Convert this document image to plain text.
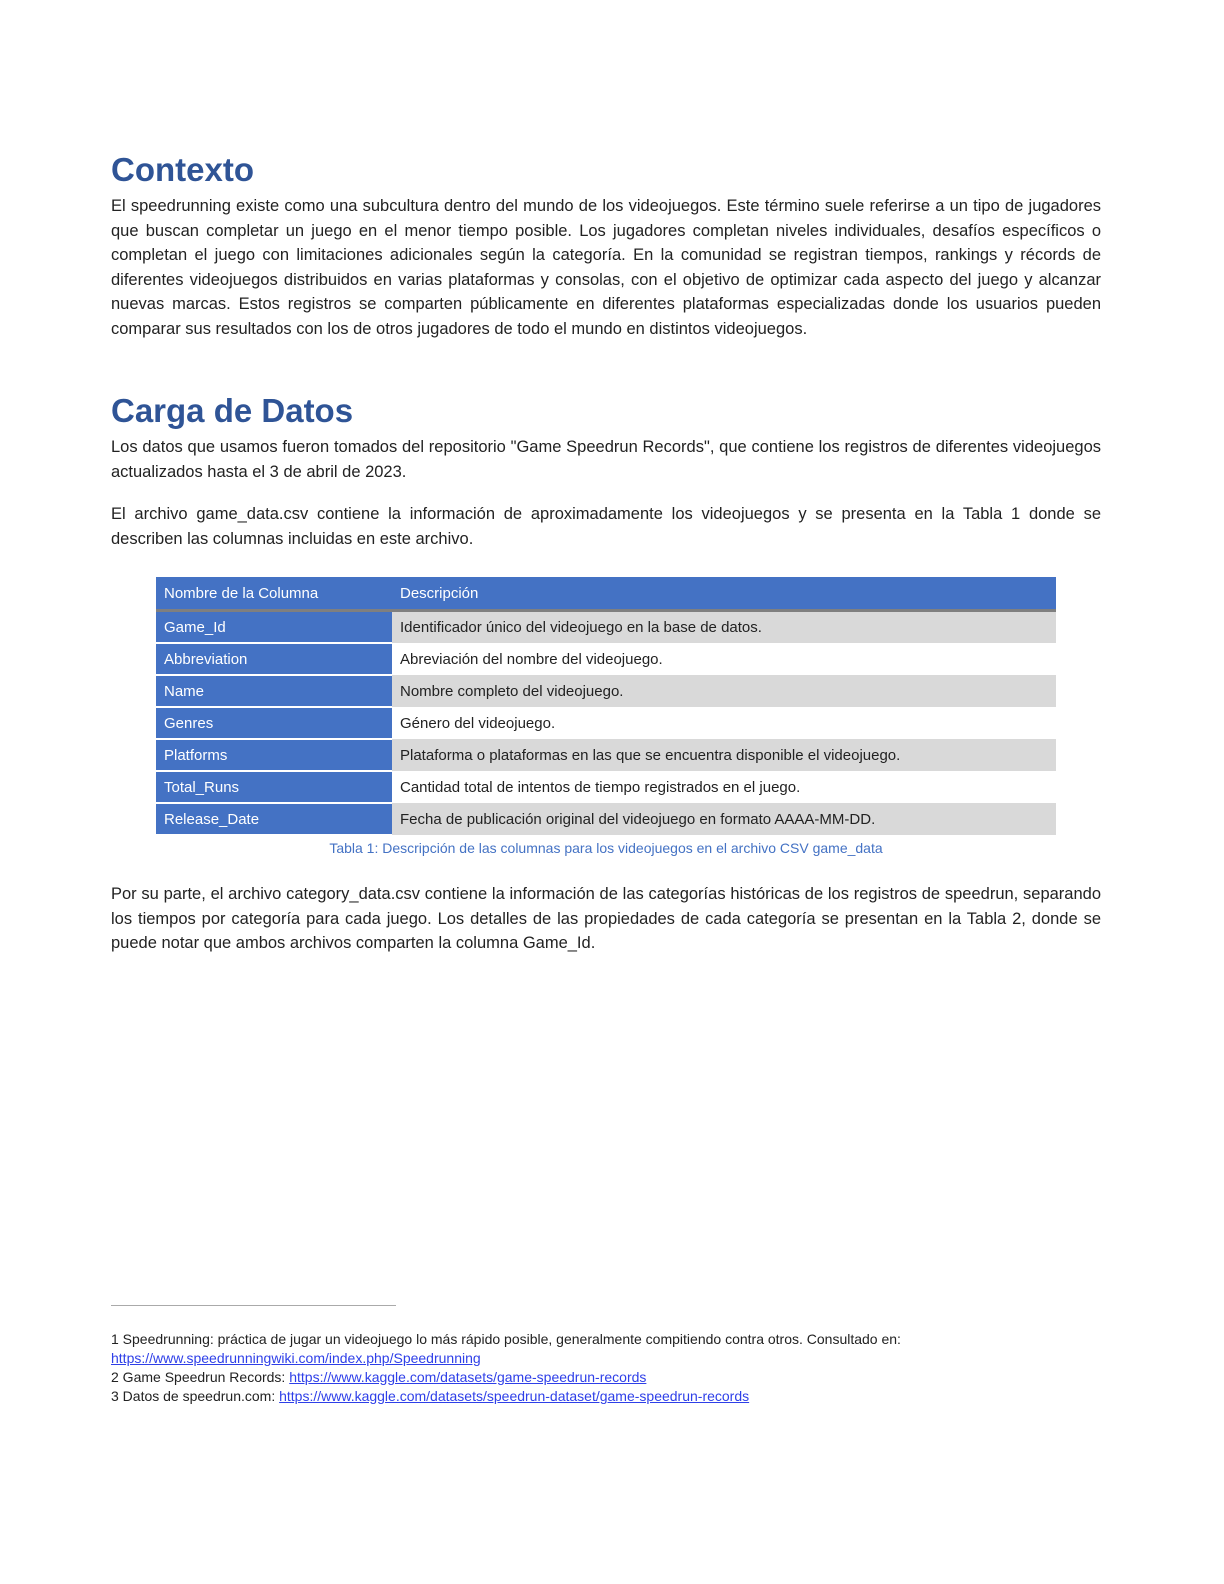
Contexto

El speedrunning existe como una subcultura dentro del mundo de los videojuegos. Este término suele referirse a un tipo de jugadores que buscan completar un juego en el menor tiempo posible. Los jugadores completan niveles individuales, desafíos específicos o completan el juego con limitaciones adicionales según la categoría. En la comunidad se registran tiempos, rankings y récords de diferentes videojuegos distribuidos en varias plataformas y consolas, con el objetivo de optimizar cada aspecto del juego y alcanzar nuevas marcas. Estos registros se comparten públicamente en diferentes plataformas especializadas donde los usuarios pueden comparar sus resultados con los de otros jugadores de todo el mundo en distintos videojuegos.

Carga de Datos

Los datos que usamos fueron tomados del repositorio "Game Speedrun Records", que contiene los registros de diferentes videojuegos actualizados hasta el 3 de abril de 2023.

El archivo game_data.csv contiene la información de aproximadamente los videojuegos y se presenta en la Tabla 1 donde se describen las columnas incluidas en este archivo.

Nombre de la Columna	Descripción
Game_Id	Identificador único del videojuego en la base de datos.
Abbreviation	Abreviación del nombre del videojuego.
Name	Nombre completo del videojuego.
Genres	Género del videojuego.
Platforms	Plataforma o plataformas en las que se encuentra disponible el videojuego.
Total_Runs	Cantidad total de intentos de tiempo registrados en el juego.
Release_Date	Fecha de publicación original del videojuego en formato AAAA-MM-DD.
Tabla 1: Descripción de las columnas para los videojuegos en el archivo CSV game_data

Por su parte, el archivo category_data.csv contiene la información de las categorías históricas de los registros de speedrun, separando los tiempos por categoría para cada juego. Los detalles de las propiedades de cada categoría se presentan en la Tabla 2, donde se puede notar que ambos archivos comparten la columna Game_Id.

1 Speedrunning: práctica de jugar un videojuego lo más rápido posible, generalmente compitiendo contra otros. Consultado en: https://www.speedrunningwiki.com/index.php/Speedrunning
2 Game Speedrun Records: https://www.kaggle.com/datasets/game-speedrun-records
3 Datos de speedrun.com: https://www.kaggle.com/datasets/speedrun-dataset/game-speedrun-records
